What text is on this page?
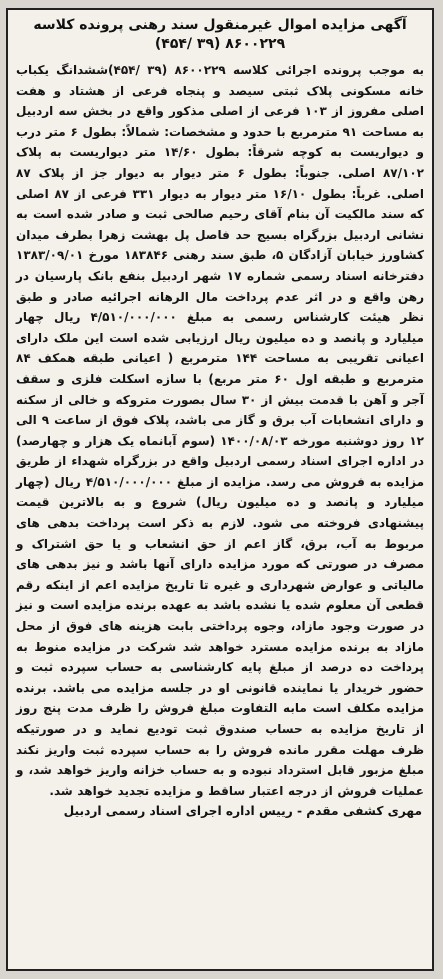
آگهی مزایده اموال غیرمنقول سند رهنی پرونده کلاسه ۸۶۰۰۲۲۹ (۳۹ /۴۵۴)
به موجب پرونده اجرائی کلاسه ۸۶۰۰۲۲۹ (۳۹ /۴۵۴)ششدانگ یکباب خانه مسکونی پلاک ثبتی سیصد و پنجاه فرعی از هشتاد و هفت اصلی مفروز از ۱۰۳ فرعی از اصلی مذکور واقع در بخش سه اردبیل به مساحت ۹۱ مترمربع با حدود و مشخصات: شمالاً: بطول ۶ متر درب و دیواریست به کوچه شرقاً: بطول ۱۴/۶۰ متر دیواریست به پلاک ۸۷/۱۰۲ اصلی. جنوباً: بطول ۶ متر دیوار به دیوار جز از پلاک ۸۷ اصلی. غرباً: بطول ۱۶/۱۰ متر دیوار به دیوار ۳۳۱ فرعی از ۸۷ اصلی که سند مالکیت آن بنام آقای رحیم صالحی ثبت و صادر شده است به نشانی اردبیل بزرگراه بسیج حد فاصل پل بهشت زهرا بطرف میدان کشاورز خیابان آزادگان ۵، طبق سند رهنی ۱۸۳۸۴۶ مورخ ۱۳۸۳/۰۹/۰۱ دفترخانه اسناد رسمی شماره ۱۷ شهر اردبیل بنفع بانک پارسیان در رهن واقع و در اثر عدم پرداخت مال الرهانه اجرائیه صادر و طبق نظر هیئت کارشناس رسمی به مبلغ ۴/۵۱۰/۰۰۰/۰۰۰ ریال چهار میلیارد و پانصد و ده میلیون ریال ارزیابی شده است این ملک دارای اعیانی تقریبی به مساحت ۱۴۴ مترمربع ( اعیانی طبقه همکف ۸۴ مترمربع و طبقه اول ۶۰ متر مربع) با سازه اسکلت فلزی و سقف آجر و آهن با قدمت بیش از ۳۰ سال بصورت متروکه و خالی از سکنه و دارای انشعابات آب برق و گاز می باشد، پلاک فوق از ساعت ۹ الی ۱۲ روز دوشنبه مورخه ۱۴۰۰/۰۸/۰۳ (سوم آبانماه یک هزار و چهارصد) در اداره اجرای اسناد رسمی اردبیل واقع در بزرگراه شهداء از طریق مزایده به فروش می رسد. مزایده از مبلغ ۴/۵۱۰/۰۰۰/۰۰۰ ریال (چهار میلیارد و پانصد و ده میلیون ریال) شروع و به بالاترین قیمت پیشنهادی فروخته می شود. لازم به ذکر است پرداخت بدهی های مربوط به آب، برق، گاز اعم از حق انشعاب و یا حق اشتراک و مصرف در صورتی که مورد مزایده دارای آنها باشد و نیز بدهی های مالیاتی و عوارض شهرداری و غیره تا تاریخ مزایده اعم از اینکه رقم قطعی آن معلوم شده یا نشده باشد به عهده برنده مزایده است و نیز در صورت وجود مازاد، وجوه پرداختی بابت هزینه های فوق از محل مازاد به برنده مزایده مسترد خواهد شد شرکت در مزایده منوط به پرداخت ده درصد از مبلغ پایه کارشناسی به حساب سپرده ثبت و حضور خریدار یا نماینده قانونی او در جلسه مزایده می باشد. برنده مزایده مکلف است مابه التفاوت مبلغ فروش را ظرف مدت پنج روز از تاریخ مزایده به حساب صندوق ثبت تودیع نماید و در صورتیکه ظرف مهلت مقرر مانده فروش را به حساب سپرده ثبت واریز نکند مبلغ مزبور قابل استرداد نبوده و به حساب خزانه واریز خواهد شد، و عملیات فروش از درجه اعتبار ساقط و مزایده تجدید خواهد شد.
مهری کشفی مقدم - رییس اداره اجرای اسناد رسمی اردبیل
